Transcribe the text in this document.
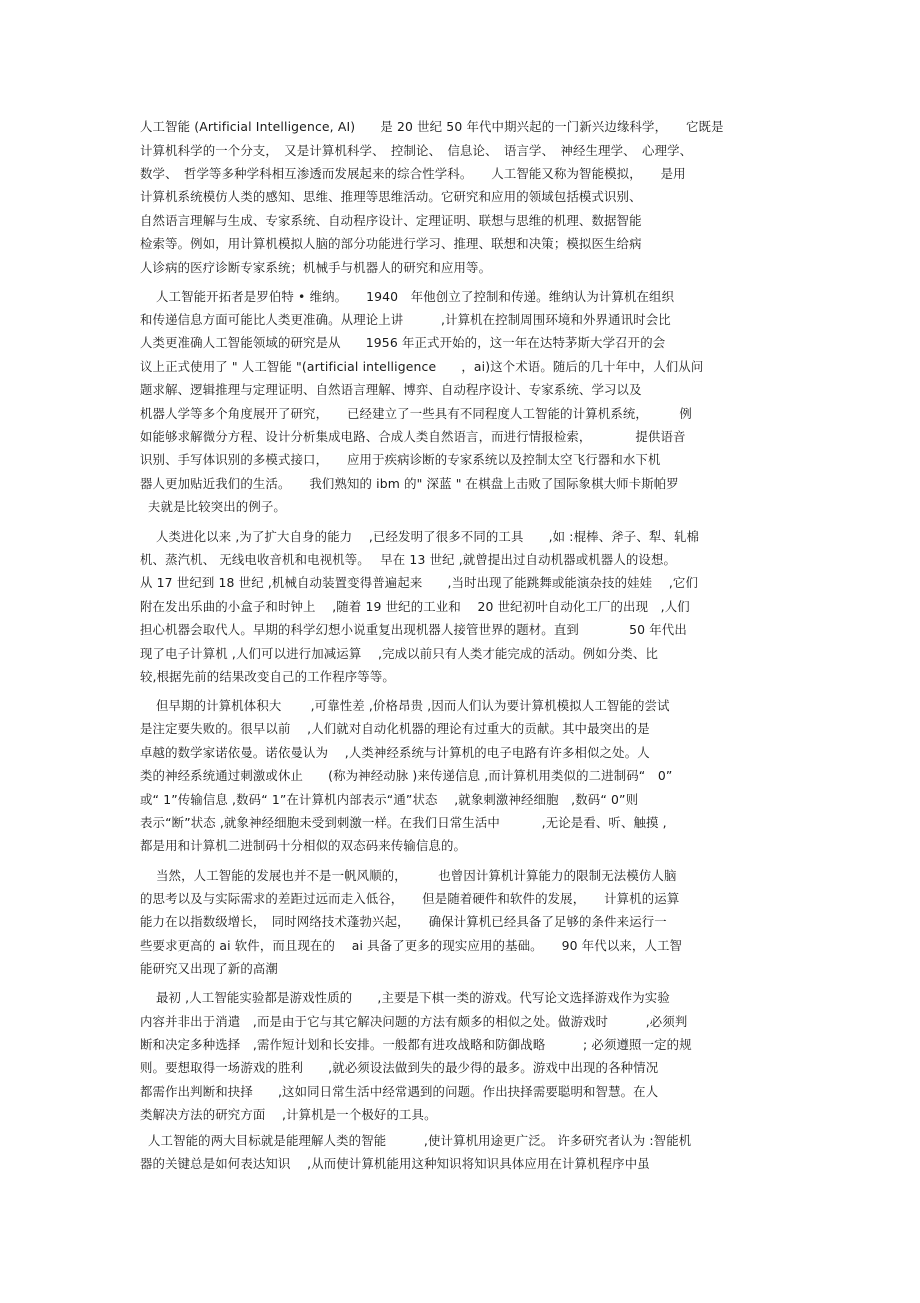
人工智能 (Artificial Intelligence, AI)　　是 20 世纪 50 年代中期兴起的一门新兴边缘科学，　　它既是
计算机科学的一个分支，　又是计算机科学、　控制论、　信息论、　语言学、　神经生理学、　心理学、
数学、　哲学等多种学科相互渗透而发展起来的综合性学科。　　人工智能又称为智能模拟，　　是用
计算机系统模仿人类的感知、思维、推理等思维活动。它研究和应用的领域包括模式识别、
自然语言理解与生成、专家系统、自动程序设计、定理证明、联想与思维的机理、数据智能
检索等。例如，用计算机模拟人脑的部分功能进行学习、推理、联想和决策；模拟医生给病
人诊病的医疗诊断专家系统；机械手与机器人的研究和应用等。
人工智能开拓者是罗伯特 • 维纳。　　1940　年他创立了控制和传递。维纳认为计算机在组织
和传递信息方面可能比人类更准确。从理论上讲　　　,计算机在控制周围环境和外界通讯时会比
人类更准确人工智能领域的研究是从　　1956 年正式开始的，这一年在达特茅斯大学召开的会
议上正式使用了 " 人工智能 "(artificial intelligence　　，ai)这个术语。随后的几十年中，人们从问
题求解、逻辑推理与定理证明、自然语言理解、博弈、自动程序设计、专家系统、学习以及
机器人学等多个角度展开了研究，　　已经建立了一些具有不同程度人工智能的计算机系统，　　　例
如能够求解微分方程、设计分析集成电路、合成人类自然语言，而进行情报检索，　　　　提供语音
识别、手写体识别的多模式接口，　　应用于疾病诊断的专家系统以及控制太空飞行器和水下机
器人更加贴近我们的生活。　　我们熟知的 ibm 的" 深蓝 " 在棋盘上击败了国际象棋大师卡斯帕罗
夫就是比较突出的例子。
人类进化以来 ,为了扩大自身的能力　 ,已经发明了很多不同的工具　　,如 :棍棒、斧子、犁、轧棉
机、蒸汽机、 无线电收音机和电视机等。　 早在 13 世纪 ,就曾提出过自动机器或机器人的设想。
从 17 世纪到 18 世纪 ,机械自动装置变得普遍起来　　,当时出现了能跳舞或能演杂技的娃娃　 ,它们
附在发出乐曲的小盒子和时钟上　 ,随着 19 世纪的工业和　 20 世纪初叶自动化工厂的出现　,人们
担心机器会取代人。早期的科学幻想小说重复出现机器人接管世界的题材。直到　　　　50 年代出
现了电子计算机 ,人们可以进行加减运算　 ,完成以前只有人类才能完成的活动。例如分类、比
较,根据先前的结果改变自己的工作程序等等。
但早期的计算机体积大　　 ,可靠性差 ,价格昂贵 ,因而人们认为要计算机模拟人工智能的尝试
是注定要失败的。很早以前　 ,人们就对自动化机器的理论有过重大的贡献。其中最突出的是
卓越的数学家诺依曼。诺依曼认为　 ,人类神经系统与计算机的电子电路有许多相似之处。人
类的神经系统通过刺激或休止　　(称为神经动脉 )来传递信息 ,而计算机用类似的二进制码“　0”
或“ 1”传输信息 ,数码“ 1”在计算机内部表示“通”状态　 ,就象刺激神经细胞　,数码“ 0”则
表示“断”状态 ,就象神经细胞未受到刺激一样。在我们日常生活中　　　 ,无论是看、听、触摸 ,
都是用和计算机二进制码十分相似的双态码来传输信息的。
当然，人工智能的发展也并不是一帆风顺的，　　　也曾因计算机计算能力的限制无法模仿人脑
的思考以及与实际需求的差距过远而走入低谷，　　但是随着硬件和软件的发展，　　计算机的运算
能力在以指数级增长，　同时网络技术蓬勃兴起，　　确保计算机已经具备了足够的条件来运行一
些要求更高的 ai 软件，而且现在的　 ai 具备了更多的现实应用的基础。　　90 年代以来，人工智
能研究又出现了新的高潮
最初 ,人工智能实验都是游戏性质的　　,主要是下棋一类的游戏。代写论文选择游戏作为实验
内容并非出于消遣　,而是由于它与其它解决问题的方法有颇多的相似之处。做游戏时　　　,必须判
断和决定多种选择　,需作短计划和长安排。一般都有进攻战略和防御战略　　　; 必须遵照一定的规
则。要想取得一场游戏的胜利　　,就必须设法做到失的最少得的最多。游戏中出现的各种情况
都需作出判断和抉择　　,这如同日常生活中经常遇到的问题。作出抉择需要聪明和智慧。在人
类解决方法的研究方面　 ,计算机是一个极好的工具。
人工智能的两大目标就是能理解人类的智能　　　,使计算机用途更广泛。 许多研究者认为 :智能机
器的关键总是如何表达知识　 ,从而使计算机能用这种知识将知识具体应用在计算机程序中虽
